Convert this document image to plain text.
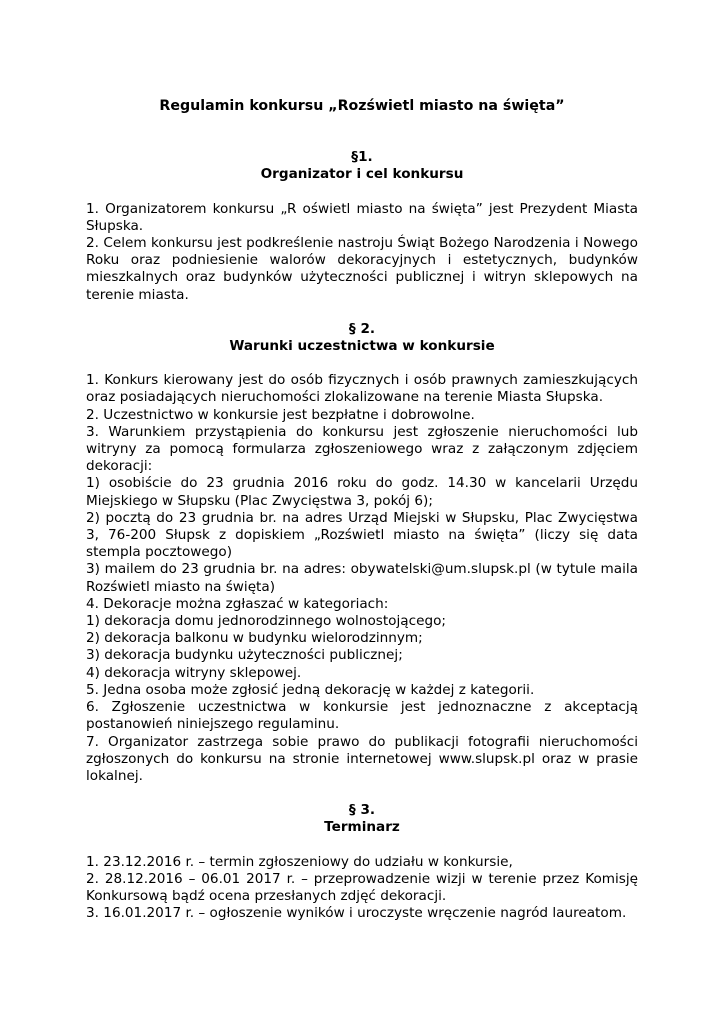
Regulamin konkursu „Rozświetl miasto na święta”
§1.
Organizator i cel konkursu
1. Organizatorem konkursu „R oświetl miasto na święta” jest Prezydent Miasta Słupska.
2. Celem konkursu jest podkreślenie nastroju Świąt Bożego Narodzenia i Nowego Roku oraz podniesienie walorów dekoracyjnych i estetycznych, budynków mieszkalnych oraz budynków użyteczności publicznej i witryn sklepowych na terenie miasta.
§ 2.
Warunki uczestnictwa w konkursie
1. Konkurs kierowany jest do osób fizycznych i osób prawnych zamieszkujących oraz posiadających nieruchomości zlokalizowane na terenie Miasta Słupska.
2. Uczestnictwo w konkursie jest bezpłatne i dobrowolne.
3. Warunkiem przystąpienia do konkursu jest zgłoszenie nieruchomości lub witryny za pomocą formularza zgłoszeniowego wraz z załączonym zdjęciem dekoracji:
1) osobiście do 23 grudnia 2016 roku do godz. 14.30 w kancelarii Urzędu Miejskiego w Słupsku (Plac Zwycięstwa 3, pokój 6);
2) pocztą do 23 grudnia br. na adres Urząd Miejski w Słupsku, Plac Zwycięstwa 3, 76-200 Słupsk z dopiskiem „Rozświetl miasto na święta” (liczy się data stempla pocztowego)
3) mailem do 23 grudnia br. na adres: obywatelski@um.slupsk.pl (w tytule maila Rozświetl miasto na święta)
4. Dekoracje można zgłaszać w kategoriach:
1) dekoracja domu jednorodzinnego wolnostojącego;
2) dekoracja balkonu w budynku wielorodzinnym;
3) dekoracja budynku użyteczności publicznej;
4) dekoracja witryny sklepowej.
5. Jedna osoba może zgłosić jedną dekorację w każdej z kategorii.
6. Zgłoszenie uczestnictwa w konkursie jest jednoznaczne z akceptacją postanowień niniejszego regulaminu.
7. Organizator zastrzega sobie prawo do publikacji fotografii nieruchomości zgłoszonych do konkursu na stronie internetowej www.slupsk.pl oraz w prasie lokalnej.
§ 3.
Terminarz
1. 23.12.2016 r. – termin zgłoszeniowy do udziału w konkursie,
2. 28.12.2016 – 06.01 2017 r. – przeprowadzenie wizji w terenie przez Komisję Konkursową bądź ocena przesłanych zdjęć dekoracji.
3. 16.01.2017 r. – ogłoszenie wyników i uroczyste wręczenie nagród laureatom.
